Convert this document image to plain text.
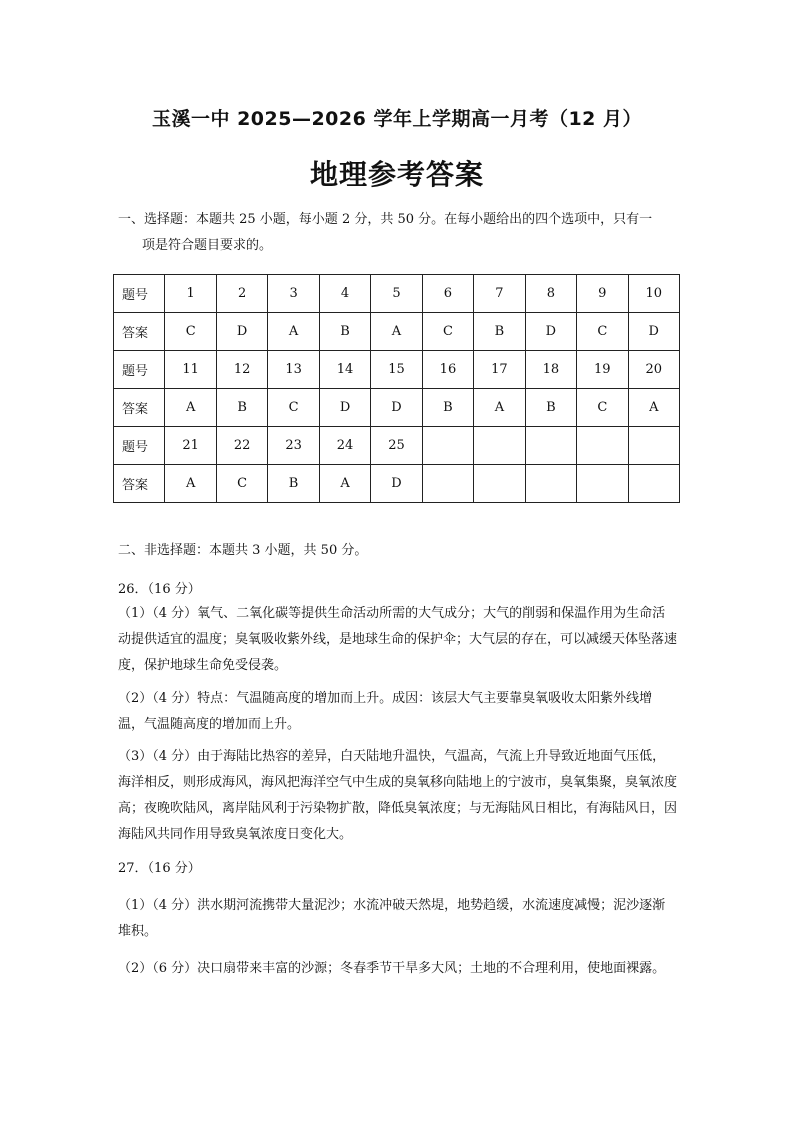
玉溪一中 2025—2026 学年上学期高一月考（12 月）
地理参考答案
一、选择题：本题共 25 小题，每小题 2 分，共 50 分。在每小题给出的四个选项中，只有一
项是符合题目要求的。
题号	1	2	3	4	5	6	7	8	9	10
答案	C	D	A	B	A	C	B	D	C	D
题号	11	12	13	14	15	16	17	18	19	20
答案	A	B	C	D	D	B	A	B	C	A
题号	21	22	23	24	25					
答案	A	C	B	A	D					
二、非选择题：本题共 3 小题，共 50 分。
26．（16 分）
（1）（4 分）氧气、二氧化碳等提供生命活动所需的大气成分；大气的削弱和保温作用为生命活动提供适宜的温度；臭氧吸收紫外线，是地球生命的保护伞；大气层的存在，可以减缓天体坠落速度，保护地球生命免受侵袭。
（2）（4 分）特点：气温随高度的增加而上升。成因：该层大气主要靠臭氧吸收太阳紫外线增温，气温随高度的增加而上升。
（3）（4 分）由于海陆比热容的差异，白天陆地升温快，气温高，气流上升导致近地面气压低，海洋相反，则形成海风，海风把海洋空气中生成的臭氧移向陆地上的宁波市，臭氧集聚，臭氧浓度高；夜晚吹陆风，离岸陆风利于污染物扩散，降低臭氧浓度；与无海陆风日相比，有海陆风日，因海陆风共同作用导致臭氧浓度日变化大。
27．（16 分）
（1）（4 分）洪水期河流携带大量泥沙；水流冲破天然堤，地势趋缓，水流速度减慢；泥沙逐渐堆积。
（2）（6 分）决口扇带来丰富的沙源；冬春季节干旱多大风；土地的不合理利用，使地面裸露。
